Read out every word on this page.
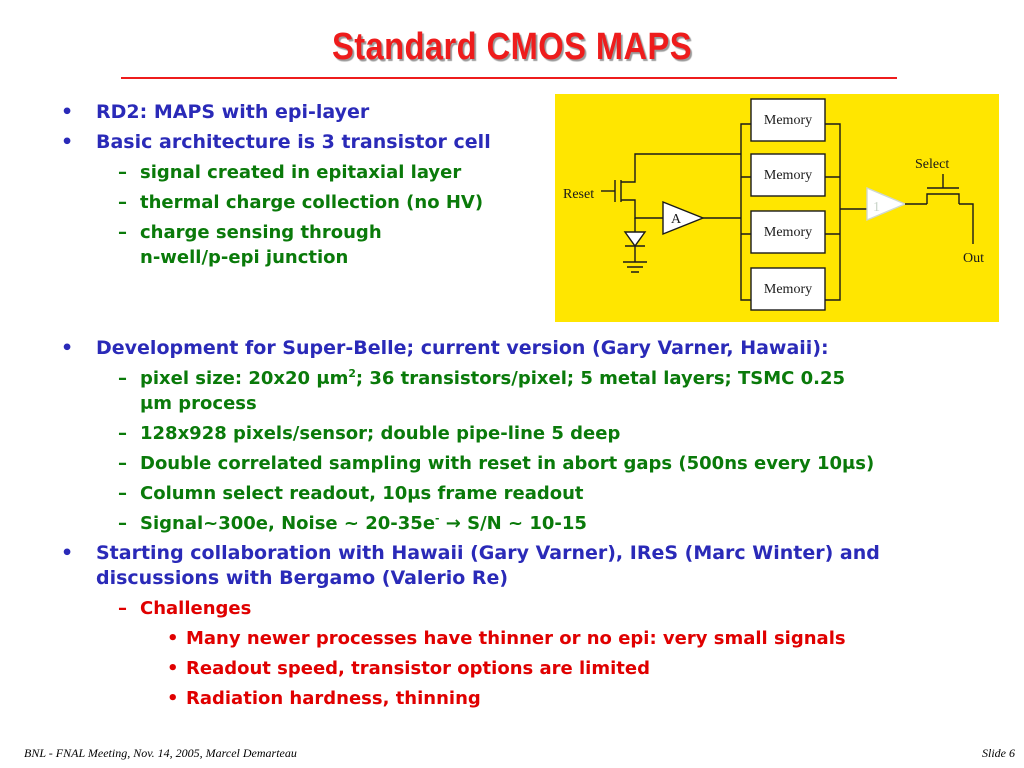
Standard CMOS MAPS
• RD2: MAPS with epi-layer
• Basic architecture is 3 transistor cell
– signal created in epitaxial layer
– thermal charge collection (no HV)
– charge sensing through
n-well/p-epi junction
Memory
Memory
Memory
Memory
Reset
A
1
Select
Out
• Development for Super-Belle; current version (Gary Varner, Hawaii):
– pixel size: 20x20 $\mu m^2$; 36 transistors/pixel; 5 metal layers; TSMC 0.25
μm process
– 128x928 pixels/sensor; double pipe-line 5 deep
– Double correlated sampling with reset in abort gaps (500ns every 10μs)
– Column select readout, 10μs frame readout
– Signal~300e, Noise ~ 20-35e- → S/N ~ 10-15
• Starting collaboration with Hawaii (Gary Varner), IReS (Marc Winter) and
discussions with Bergamo (Valerio Re)
– Challenges
• Many newer processes have thinner or no epi: very small signals
• Readout speed, transistor options are limited
• Radiation hardness, thinning
BNL - FNAL Meeting, Nov. 14, 2005, Marcel Demarteau	Slide 6
